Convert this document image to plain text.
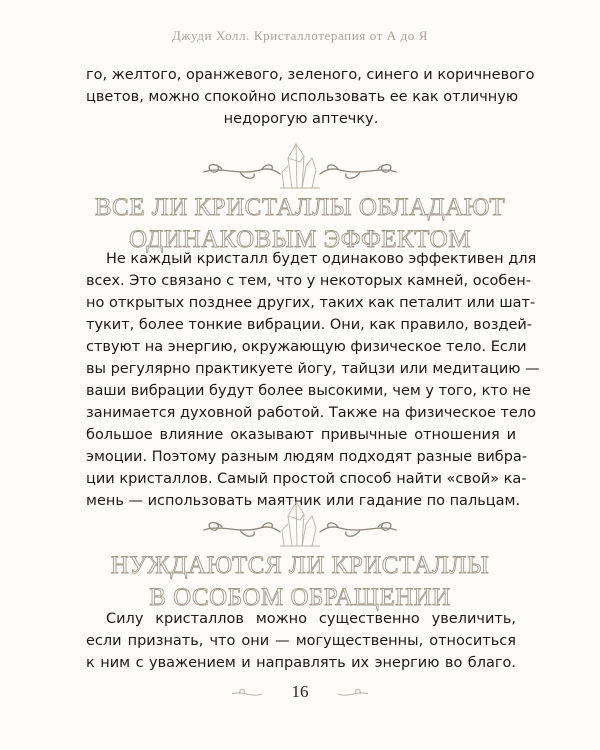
Джуди Холл. Кристаллотерапия от А до Я

го, желтого, оранжевого, зеленого, синего и коричневого
цветов, можно спокойно использовать ее как отличную
недорогую аптечку.

ВСЕ ЛИ КРИСТАЛЛЫ ОБЛАДАЮТ
ОДИНАКОВЫМ ЭФФЕКТОМ

Не каждый кристалл будет одинаково эффективен для
всех. Это связано с тем, что у некоторых камней, особен-
но открытых позднее других, таких как петалит или шат-
тукит, более тонкие вибрации. Они, как правило, воздей-
ствуют на энергию, окружающую физическое тело. Если
вы регулярно практикуете йогу, тайцзи или медитацию —
ваши вибрации будут более высокими, чем у того, кто не
занимается духовной работой. Также на физическое тело
большое влияние оказывают привычные отношения и
эмоции. Поэтому разным людям подходят разные вибра-
ции кристаллов. Самый простой способ найти «свой» ка-
мень — использовать маятник или гадание по пальцам.

НУЖДАЮТСЯ ЛИ КРИСТАЛЛЫ
В ОСОБОМ ОБРАЩЕНИИ

Силу кристаллов можно существенно увеличить,
если признать, что они — могущественны, относиться
к ним с уважением и направлять их энергию во благо.

16
